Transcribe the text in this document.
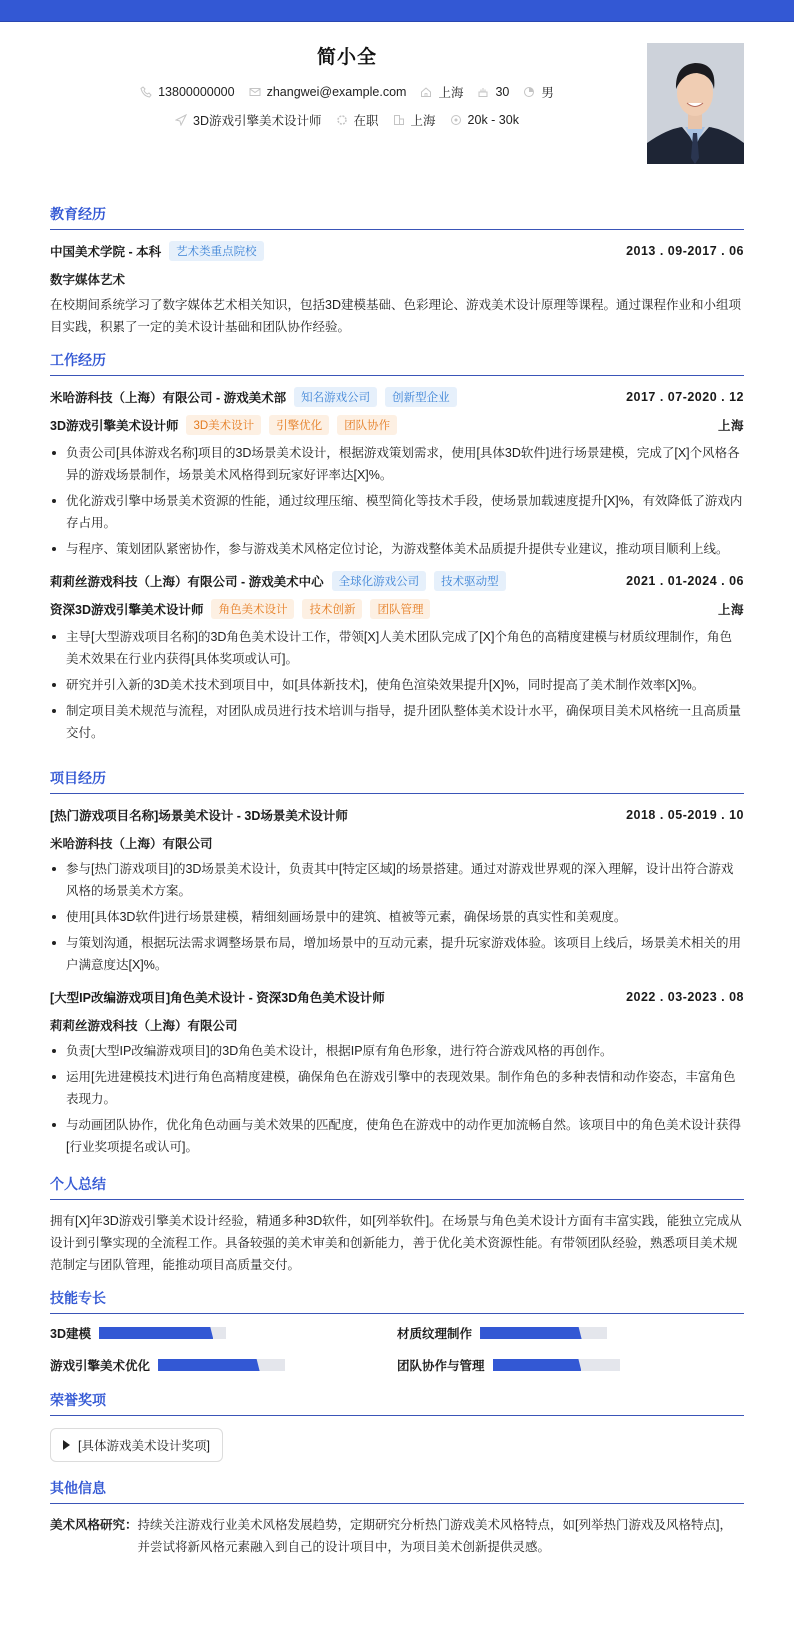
简小全
13800000000	zhangwei@example.com	上海	30	男
3D游戏引擎美术设计师	在职	上海	20k - 30k
教育经历
中国美术学院 - 本科	艺术类重点院校	2013 . 09-2017 . 06
数字媒体艺术
在校期间系统学习了数字媒体艺术相关知识，包括3D建模基础、色彩理论、游戏美术设计原理等课程。通过课程作业和小组项目实践，积累了一定的美术设计基础和团队协作经验。
工作经历
米哈游科技（上海）有限公司 - 游戏美术部	知名游戏公司	创新型企业	2017 . 07-2020 . 12
3D游戏引擎美术设计师	3D美术设计	引擎优化	团队协作	上海
负责公司[具体游戏名称]项目的3D场景美术设计，根据游戏策划需求，使用[具体3D软件]进行场景建模，完成了[X]个风格各异的游戏场景制作，场景美术风格得到玩家好评率达[X]%。
优化游戏引擎中场景美术资源的性能，通过纹理压缩、模型简化等技术手段，使场景加载速度提升[X]%，有效降低了游戏内存占用。
与程序、策划团队紧密协作，参与游戏美术风格定位讨论，为游戏整体美术品质提升提供专业建议，推动项目顺利上线。
莉莉丝游戏科技（上海）有限公司 - 游戏美术中心	全球化游戏公司	技术驱动型	2021 . 01-2024 . 06
资深3D游戏引擎美术设计师	角色美术设计	技术创新	团队管理	上海
主导[大型游戏项目名称]的3D角色美术设计工作，带领[X]人美术团队完成了[X]个角色的高精度建模与材质纹理制作，角色美术效果在行业内获得[具体奖项或认可]。
研究并引入新的3D美术技术到项目中，如[具体新技术]，使角色渲染效果提升[X]%，同时提高了美术制作效率[X]%。
制定项目美术规范与流程，对团队成员进行技术培训与指导，提升团队整体美术设计水平，确保项目美术风格统一且高质量交付。
项目经历
[热门游戏项目名称]场景美术设计 - 3D场景美术设计师	2018 . 05-2019 . 10
米哈游科技（上海）有限公司
参与[热门游戏项目]的3D场景美术设计，负责其中[特定区域]的场景搭建。通过对游戏世界观的深入理解，设计出符合游戏风格的场景美术方案。
使用[具体3D软件]进行场景建模，精细刻画场景中的建筑、植被等元素，确保场景的真实性和美观度。
与策划沟通，根据玩法需求调整场景布局，增加场景中的互动元素，提升玩家游戏体验。该项目上线后，场景美术相关的用户满意度达[X]%。
[大型IP改编游戏项目]角色美术设计 - 资深3D角色美术设计师	2022 . 03-2023 . 08
莉莉丝游戏科技（上海）有限公司
负责[大型IP改编游戏项目]的3D角色美术设计，根据IP原有角色形象，进行符合游戏风格的再创作。
运用[先进建模技术]进行角色高精度建模，确保角色在游戏引擎中的表现效果。制作角色的多种表情和动作姿态，丰富角色表现力。
与动画团队协作，优化角色动画与美术效果的匹配度，使角色在游戏中的动作更加流畅自然。该项目中的角色美术设计获得[行业奖项提名或认可]。
个人总结
拥有[X]年3D游戏引擎美术设计经验，精通多种3D软件，如[列举软件]。在场景与角色美术设计方面有丰富实践，能独立完成从设计到引擎实现的全流程工作。具备较强的美术审美和创新能力，善于优化美术资源性能。有带领团队经验，熟悉项目美术规范制定与团队管理，能推动项目高质量交付。
技能专长
3D建模	材质纹理制作
游戏引擎美术优化	团队协作与管理
荣誉奖项
[具体游戏美术设计奖项]
其他信息
美术风格研究： 持续关注游戏行业美术风格发展趋势，定期研究分析热门游戏美术风格特点，如[列举热门游戏及风格特点]，并尝试将新风格元素融入到自己的设计项目中，为项目美术创新提供灵感。
